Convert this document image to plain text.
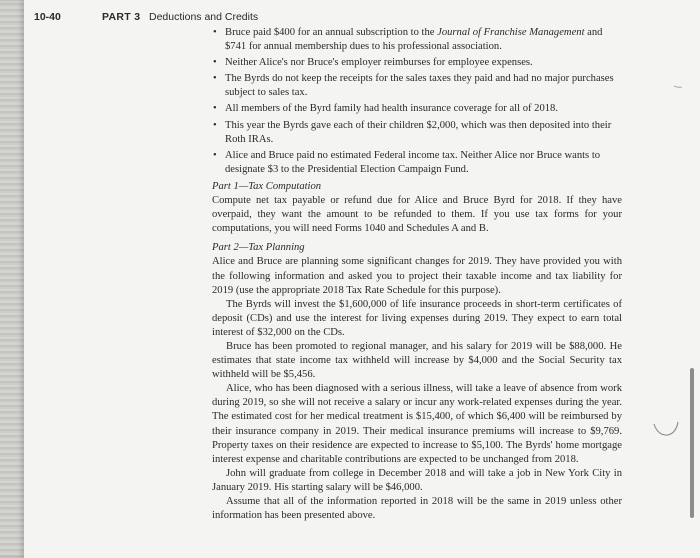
10-40	PART 3 Deductions and Credits
• Bruce paid $400 for an annual subscription to the Journal of Franchise Management and $741 for annual membership dues to his professional association.
• Neither Alice's nor Bruce's employer reimburses for employee expenses.
• The Byrds do not keep the receipts for the sales taxes they paid and had no major purchases subject to sales tax.
• All members of the Byrd family had health insurance coverage for all of 2018.
• This year the Byrds gave each of their children $2,000, which was then deposited into their Roth IRAs.
• Alice and Bruce paid no estimated Federal income tax. Neither Alice nor Bruce wants to designate $3 to the Presidential Election Campaign Fund.
Part 1—Tax Computation

Compute net tax payable or refund due for Alice and Bruce Byrd for 2018. If they have overpaid, they want the amount to be refunded to them. If you use tax forms for your computations, you will need Forms 1040 and Schedules A and B.

Part 2—Tax Planning

Alice and Bruce are planning some significant changes for 2019. They have provided you with the following information and asked you to project their taxable income and tax liability for 2019 (use the appropriate 2018 Tax Rate Schedule for this purpose).

The Byrds will invest the $1,600,000 of life insurance proceeds in short-term certificates of deposit (CDs) and use the interest for living expenses during 2019. They expect to earn total interest of $32,000 on the CDs.

Bruce has been promoted to regional manager, and his salary for 2019 will be $88,000. He estimates that state income tax withheld will increase by $4,000 and the Social Security tax withheld will be $5,456.

Alice, who has been diagnosed with a serious illness, will take a leave of absence from work during 2019, so she will not receive a salary or incur any work-related expenses during the year. The estimated cost for her medical treatment is $15,400, of which $6,400 will be reimbursed by their insurance company in 2019. Their medical insurance premiums will increase to $9,769. Property taxes on their residence are expected to increase to $5,100. The Byrds' home mortgage interest expense and charitable contributions are expected to be unchanged from 2018.

John will graduate from college in December 2018 and will take a job in New York City in January 2019. His starting salary will be $46,000.

Assume that all of the information reported in 2018 will be the same in 2019 unless other information has been presented above.
